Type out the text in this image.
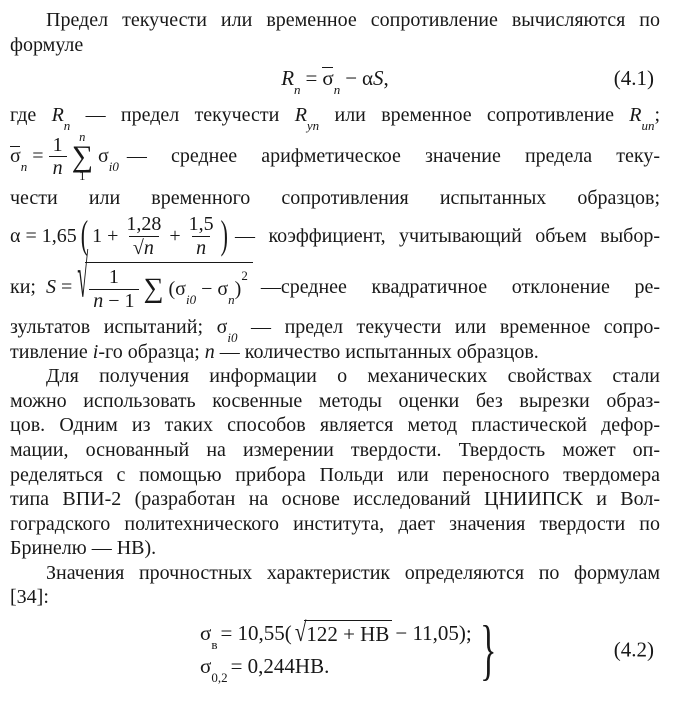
Предел текучести или временное сопротивление вычисляются по
формуле
$R_n = \sigma_n - \alpha S$,	(4.1)
где $R_n$ — предел текучести $R_{уп}$ или временное сопротивление $R_{ип}$;
$\sigma_n = \frac{1}{n}$ n
∑
1
$\sigma_{i0}$ — среднее арифметическое значение предела теку-
чести или временного сопротивления испытанных образцов;
α = 1,65 ( $1 + \frac{1,28}{√n} + \frac{1,5}{n}$ ) — коэффициент, учитывающий объем выбор-
ки; S = √ $\frac{1}{n - 1}$ ∑ $(\sigma_{i0} - \sigma_n)^2$
—среднее квадратичное отклонение ре-
зультатов испытаний; $\sigma_{i0}$ — предел текучести или временное сопро-
тивление i-го образца; n — количество испытанных образцов.
Для получения информации о механических свойствах стали
можно использовать косвенные методы оценки без вырезки образ-
цов. Одним из таких способов является метод пластической дефор-
мации, основанный на измерении твердости. Твердость может оп-
ределяться с помощью прибора Польди или переносного твердомера
типа ВПИ-2 (разработан на основе исследований ЦНИИПСК и Вол-
гоградского политехнического института, дает значения твердости по
Бринелю — НВ).
Значения прочностных характеристик определяются по формулам
[34]:
$\sigma_в = 10,55$( √ 122 + НВ − 11,05);
$\sigma_{0,2} = 0,244НВ$. }	(4.2)
